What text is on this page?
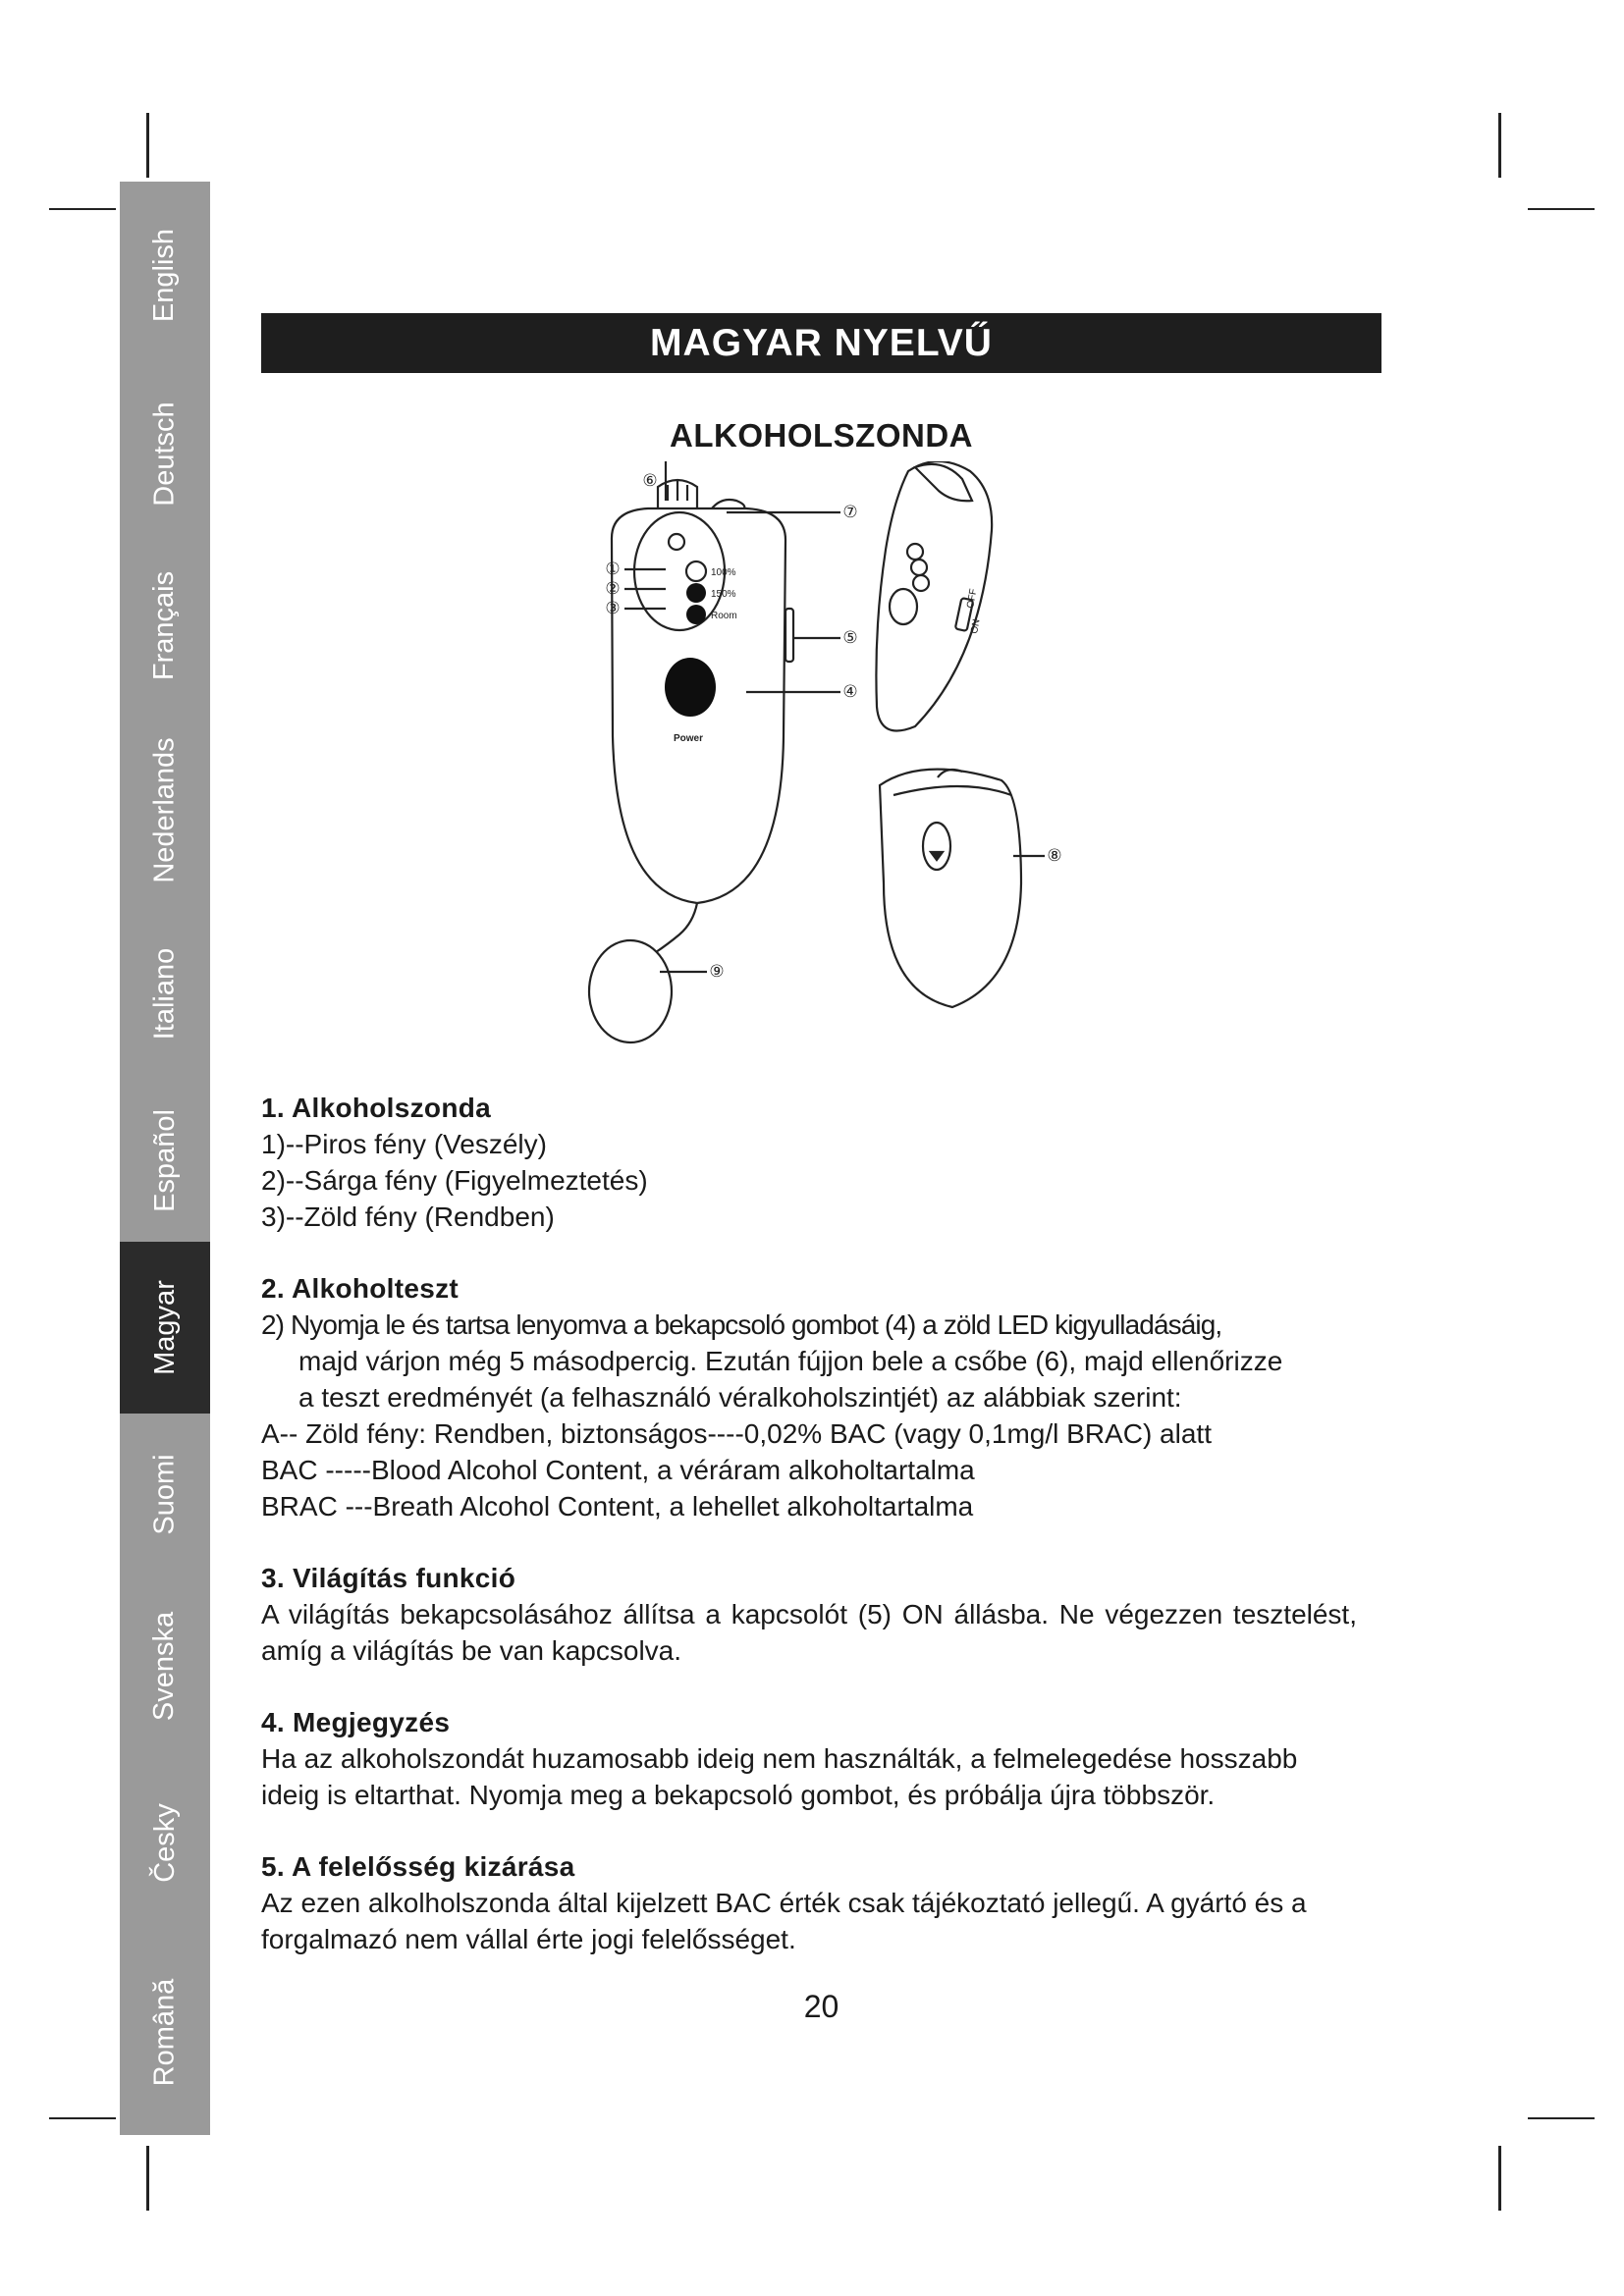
English
Deutsch
Français
Nederlands
Italiano
Español
Magyar
Suomi
Svenska
Česky
Română
MAGYAR NYELVŰ
ALKOHOLSZONDA
100%
150%
Room
Power
ON
OFF
①
②
③
④
⑤
⑥
⑦
⑧
⑨
1. Alkoholszonda

1)--Piros fény (Veszély)

2)--Sárga fény (Figyelmeztetés)

3)--Zöld fény (Rendben)

2. Alkoholteszt

2) Nyomja le és tartsa lenyomva a bekapcsoló gombot (4) a zöld LED kigyulladásáig,

majd várjon még 5 másodpercig. Ezután fújjon bele a csőbe (6), majd ellenőrizze

a teszt eredményét (a felhasználó véralkoholszintjét) az alábbiak szerint:

A-- Zöld fény: Rendben, biztonságos----0,02% BAC (vagy 0,1mg/l BRAC) alatt

BAC -----Blood Alcohol Content, a véráram alkoholtartalma

BRAC ---Breath Alcohol Content, a lehellet alkoholtartalma

3. Világítás funkció

A világítás bekapcsolásához állítsa a kapcsolót (5) ON állásba. Ne végezzen tesztelést, amíg a világítás be van kapcsolva.

4. Megjegyzés

Ha az alkoholszondát huzamosabb ideig nem használták, a felmelegedése hosszabb ideig is eltarthat. Nyomja meg a bekapcsoló gombot, és próbálja újra többször.

5. A felelősség kizárása

Az ezen alkolholszonda által kijelzett BAC érték csak tájékoztató jellegű. A gyártó és a forgalmazó nem vállal érte jogi felelősséget.

20
